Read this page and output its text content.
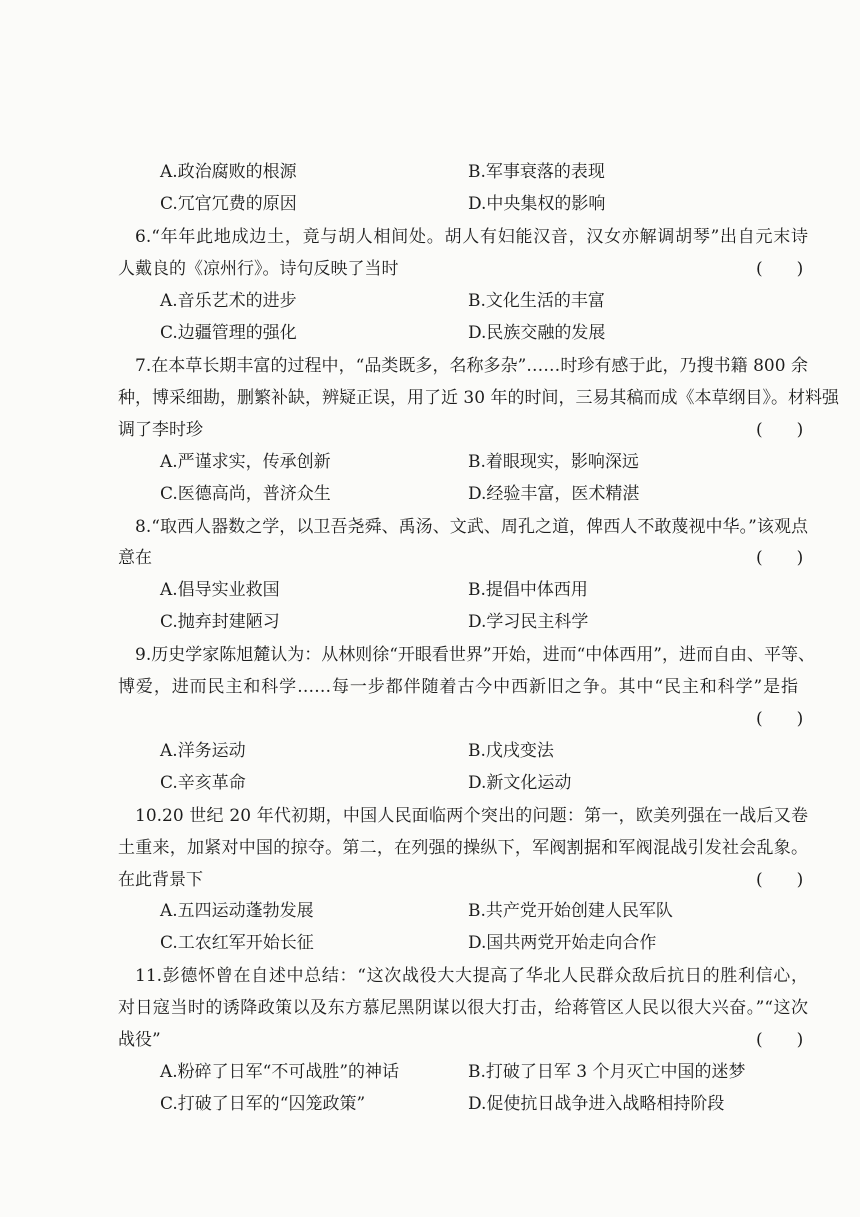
A.政治腐败的根源	B.军事衰落的表现
C.冗官冗费的原因	D.中央集权的影响
6.“年年此地成边土，竟与胡人相间处。胡人有妇能汉音，汉女亦解调胡琴”出自元末诗
人戴良的《凉州行》。诗句反映了当时	(　　)
A.音乐艺术的进步	B.文化生活的丰富
C.边疆管理的强化	D.民族交融的发展
7.在本草长期丰富的过程中，“品类既多，名称多杂”……时珍有感于此，乃搜书籍 800 余
种，博采细勘，删繁补缺，辨疑正误，用了近 30 年的时间，三易其稿而成《本草纲目》。材料强
调了李时珍	(　　)
A.严谨求实，传承创新	B.着眼现实，影响深远
C.医德高尚，普济众生	D.经验丰富，医术精湛
8.“取西人器数之学，以卫吾尧舜、禹汤、文武、周孔之道，俾西人不敢蔑视中华。”该观点
意在	(　　)
A.倡导实业救国	B.提倡中体西用
C.抛弃封建陋习	D.学习民主科学
9.历史学家陈旭麓认为：从林则徐“开眼看世界”开始，进而“中体西用”，进而自由、平等、
博爱，进而民主和科学……每一步都伴随着古今中西新旧之争。其中“民主和科学”是指
(　　)
A.洋务运动	B.戊戌变法
C.辛亥革命	D.新文化运动
10.20 世纪 20 年代初期，中国人民面临两个突出的问题：第一，欧美列强在一战后又卷
土重来，加紧对中国的掠夺。第二，在列强的操纵下，军阀割据和军阀混战引发社会乱象。
在此背景下	(　　)
A.五四运动蓬勃发展	B.共产党开始创建人民军队
C.工农红军开始长征	D.国共两党开始走向合作
11.彭德怀曾在自述中总结：“这次战役大大提高了华北人民群众敌后抗日的胜利信心，
对日寇当时的诱降政策以及东方慕尼黑阴谋以很大打击，给蒋管区人民以很大兴奋。”“这次
战役”	(　　)
A.粉碎了日军“不可战胜”的神话	B.打破了日军 3 个月灭亡中国的迷梦
C.打破了日军的“囚笼政策”	D.促使抗日战争进入战略相持阶段
